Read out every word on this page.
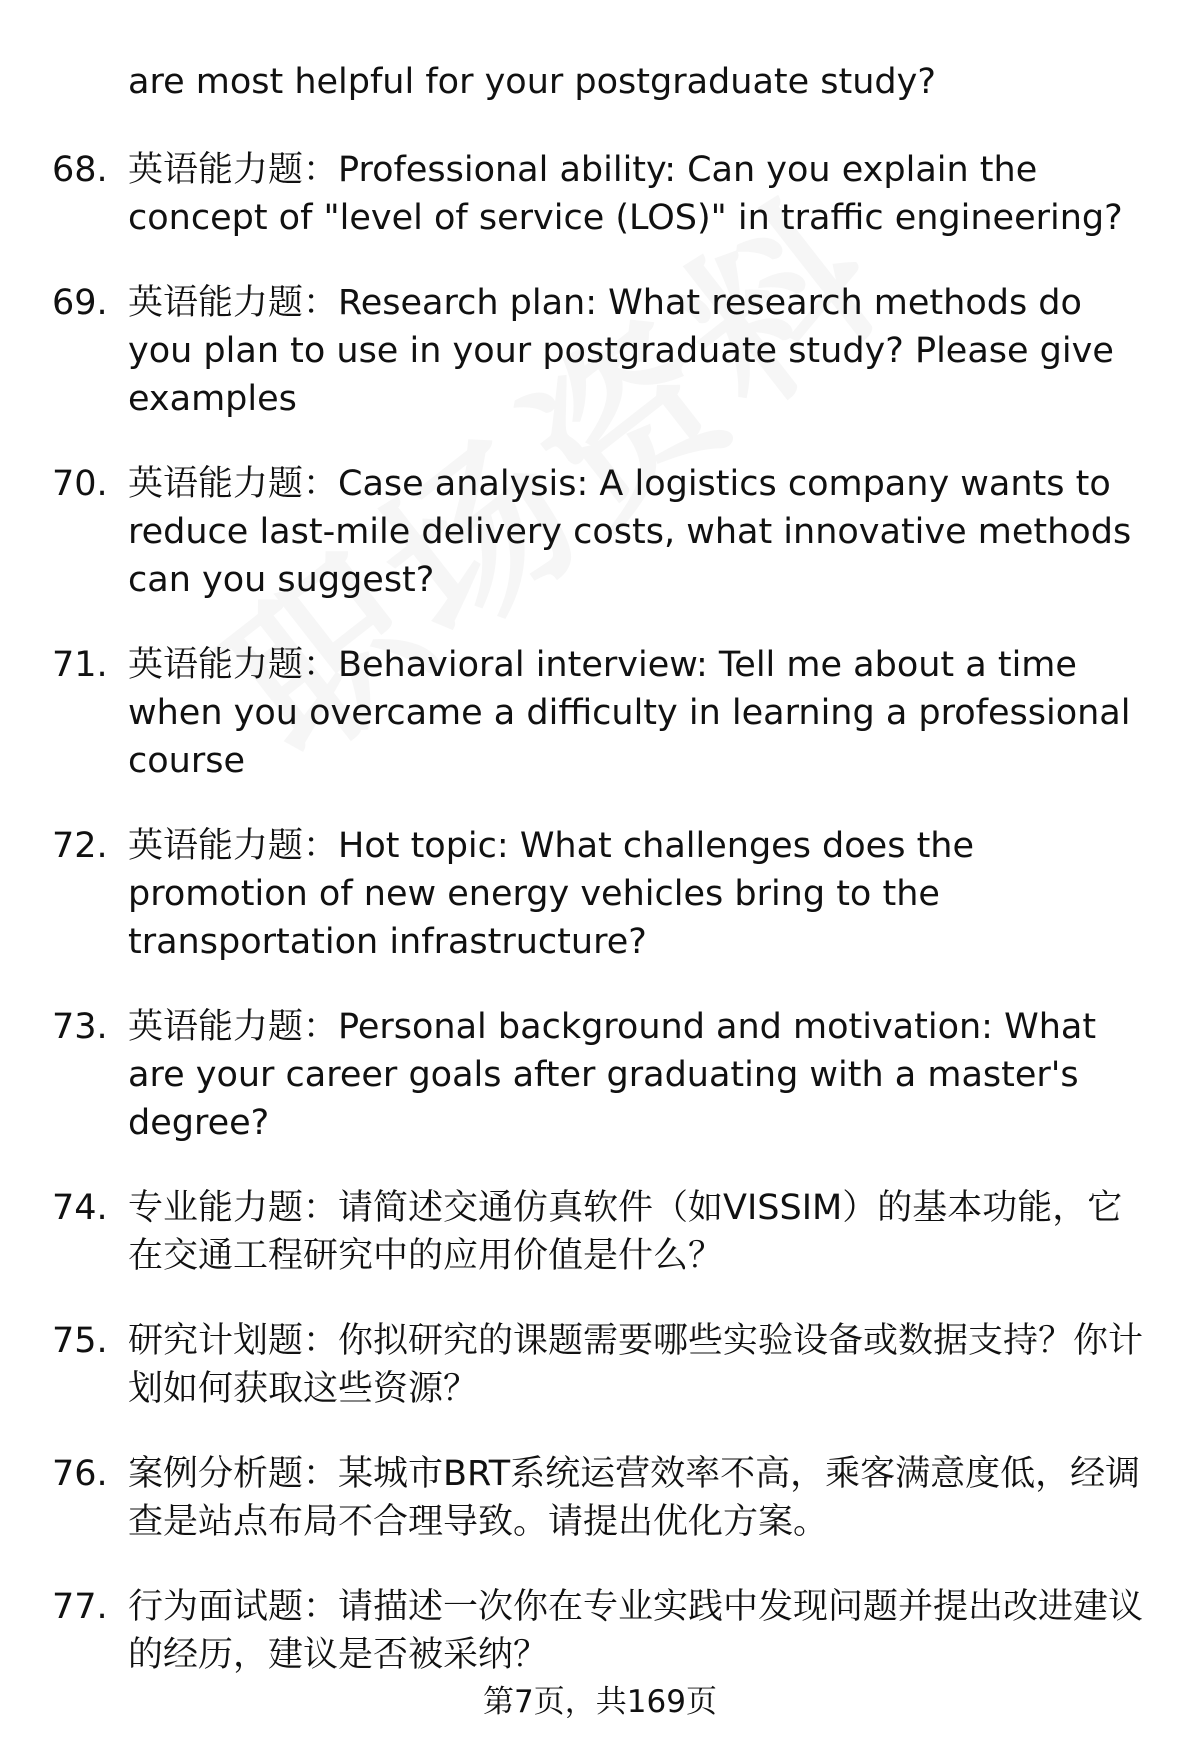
are most helpful for your postgraduate study?
68. 英语能力题：Professional ability: Can you explain the concept of "level of service (LOS)" in traffic engineering?
69. 英语能力题：Research plan: What research methods do you plan to use in your postgraduate study? Please give examples
70. 英语能力题：Case analysis: A logistics company wants to reduce last-mile delivery costs, what innovative methods can you suggest?
71. 英语能力题：Behavioral interview: Tell me about a time when you overcame a difficulty in learning a professional course
72. 英语能力题：Hot topic: What challenges does the promotion of new energy vehicles bring to the transportation infrastructure?
73. 英语能力题：Personal background and motivation: What are your career goals after graduating with a master's degree?
74. 专业能力题：请简述交通仿真软件（如VISSIM）的基本功能，它在交通工程研究中的应用价值是什么？
75. 研究计划题：你拟研究的课题需要哪些实验设备或数据支持？你计划如何获取这些资源？
76. 案例分析题：某城市BRT系统运营效率不高，乘客满意度低，经调查是站点布局不合理导致。请提出优化方案。
77. 行为面试题：请描述一次你在专业实践中发现问题并提出改进建议的经历，建议是否被采纳？
第7页，共169页
